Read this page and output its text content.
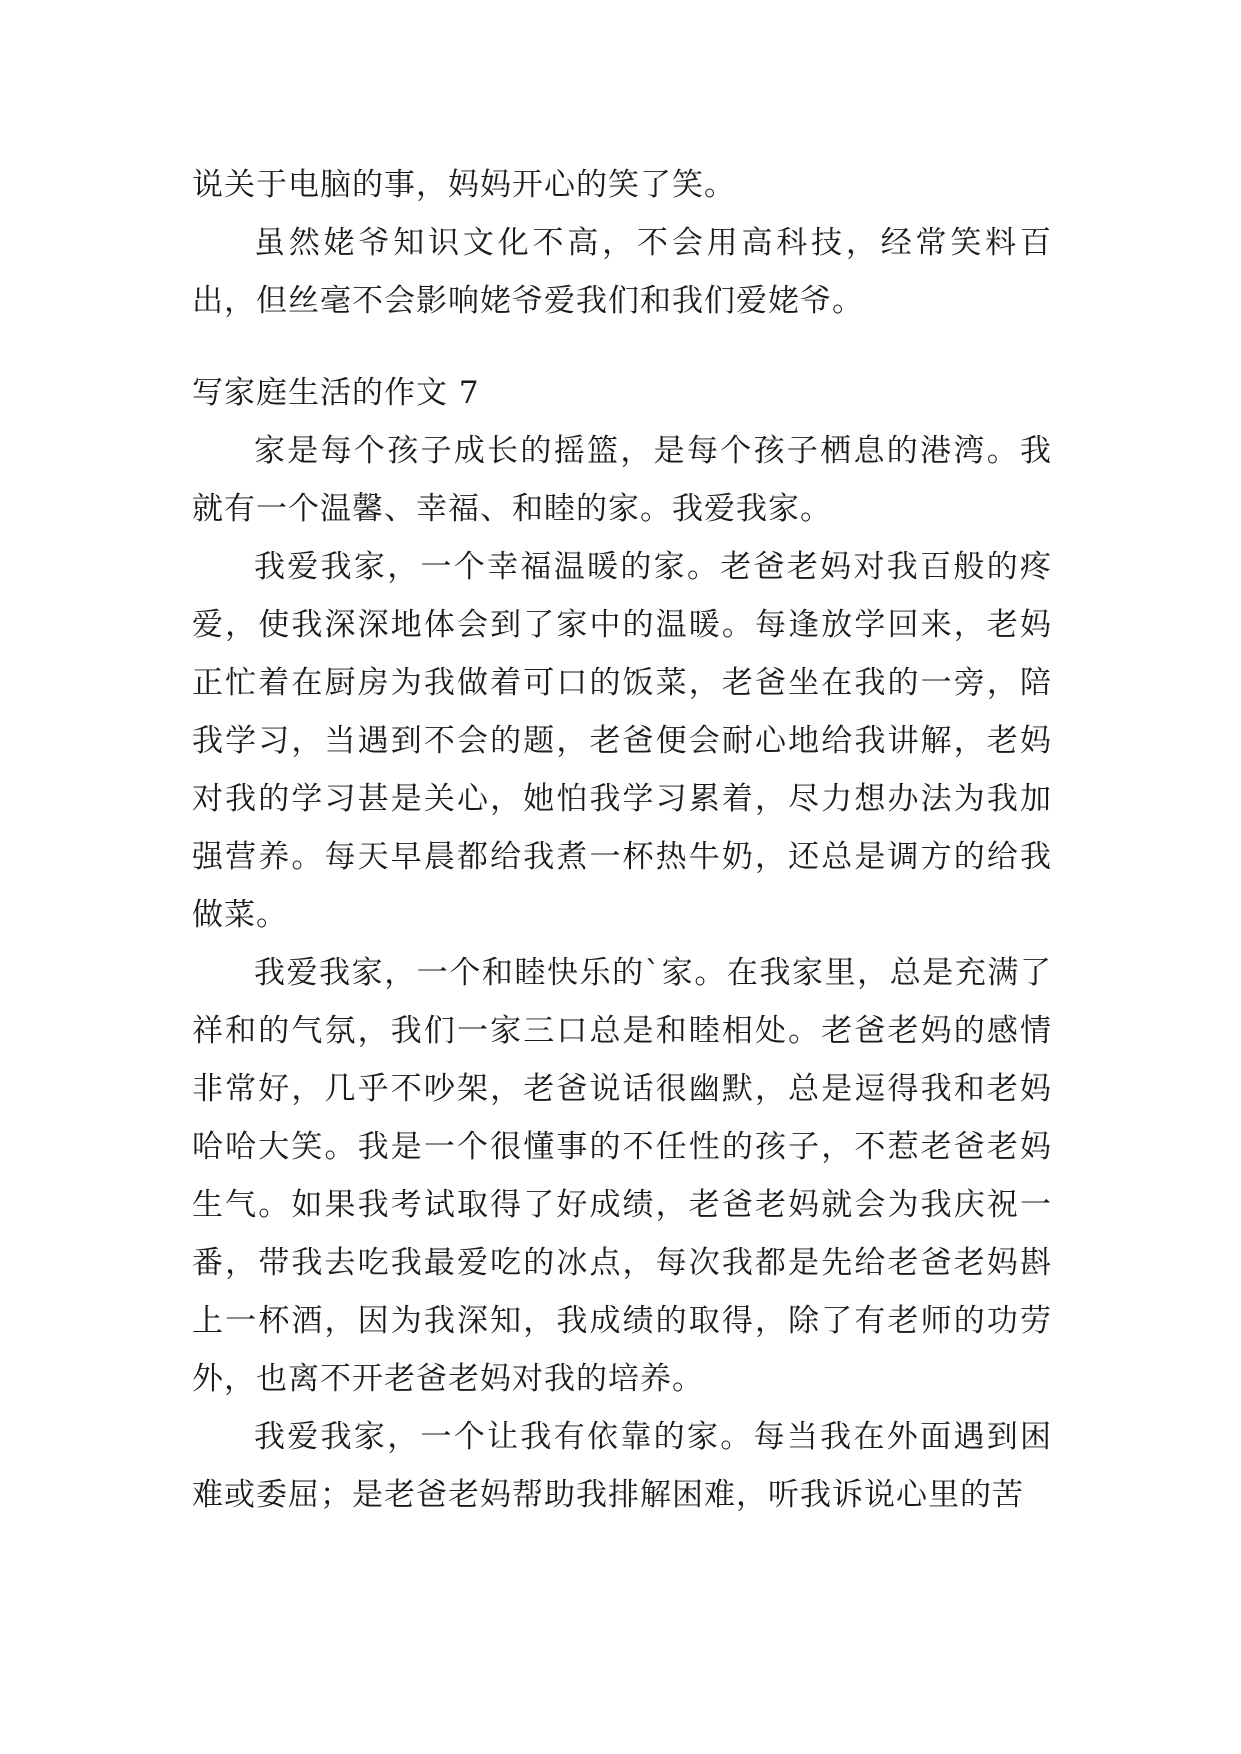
说关于电脑的事，妈妈开心的笑了笑。

虽然姥爷知识文化不高，不会用高科技，经常笑料百出，但丝毫不会影响姥爷爱我们和我们爱姥爷。

写家庭生活的作文 7

家是每个孩子成长的摇篮，是每个孩子栖息的港湾。我就有一个温馨、幸福、和睦的家。我爱我家。

我爱我家，一个幸福温暖的家。老爸老妈对我百般的疼爱，使我深深地体会到了家中的温暖。每逢放学回来，老妈正忙着在厨房为我做着可口的饭菜，老爸坐在我的一旁，陪我学习，当遇到不会的题，老爸便会耐心地给我讲解，老妈对我的学习甚是关心，她怕我学习累着，尽力想办法为我加强营养。每天早晨都给我煮一杯热牛奶，还总是调方的给我做菜。

我爱我家，一个和睦快乐的`家。在我家里，总是充满了祥和的气氛，我们一家三口总是和睦相处。老爸老妈的感情非常好，几乎不吵架，老爸说话很幽默，总是逗得我和老妈哈哈大笑。我是一个很懂事的不任性的孩子，不惹老爸老妈生气。如果我考试取得了好成绩，老爸老妈就会为我庆祝一番，带我去吃我最爱吃的冰点，每次我都是先给老爸老妈斟上一杯酒，因为我深知，我成绩的取得，除了有老师的功劳外，也离不开老爸老妈对我的培养。

我爱我家，一个让我有依靠的家。每当我在外面遇到困难或委屈；是老爸老妈帮助我排解困难，听我诉说心里的苦
